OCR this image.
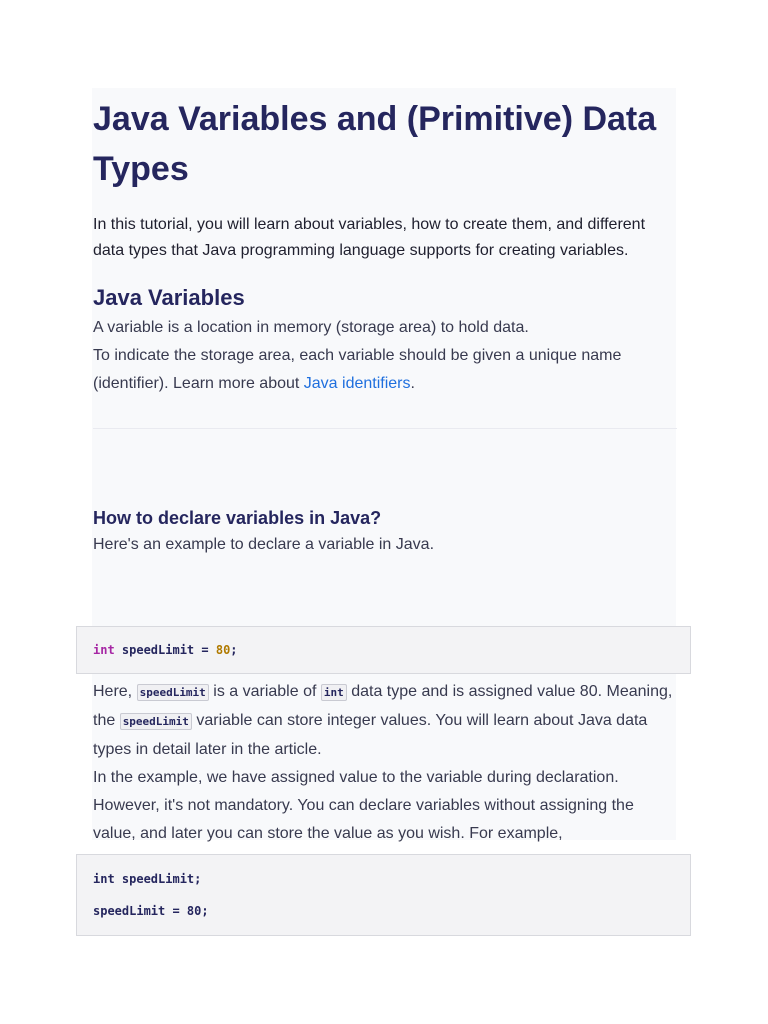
Java Variables and (Primitive) Data Types

In this tutorial, you will learn about variables, how to create them, and different data types that Java programming language supports for creating variables.

Java Variables

A variable is a location in memory (storage area) to hold data.

To indicate the storage area, each variable should be given a unique name (identifier). Learn more about Java identifiers.

How to declare variables in Java?

Here's an example to declare a variable in Java.

int speedLimit = 80;

Here, speedLimit is a variable of int data type and is assigned value 80. Meaning, the speedLimit variable can store integer values. You will learn about Java data types in detail later in the article.

In the example, we have assigned value to the variable during declaration. However, it's not mandatory. You can declare variables without assigning the value, and later you can store the value as you wish. For example,

int speedLimit;
speedLimit = 80;
